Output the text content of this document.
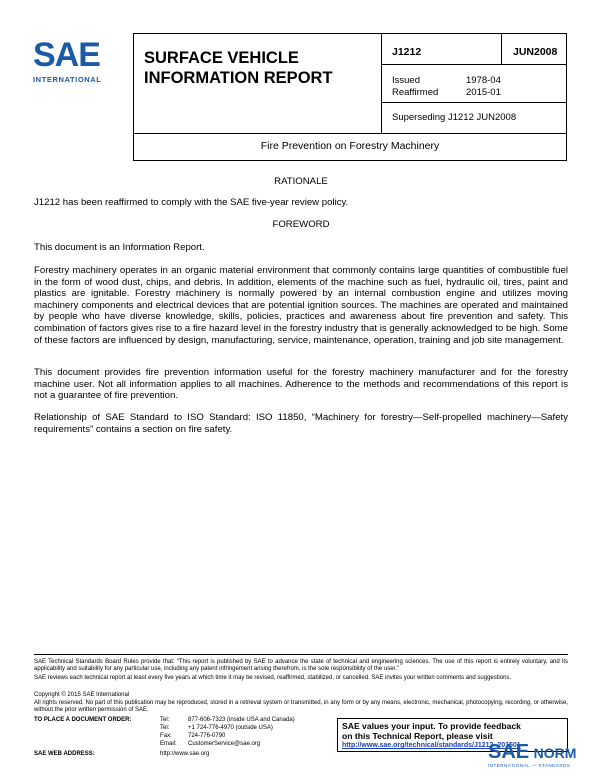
SAE
INTERNATIONAL
SURFACE VEHICLE
INFORMATION REPORT
J1212	JUN2008
Issued	1978-04
Reaffirmed	2015-01
Superseding J1212 JUN2008
Fire Prevention on Forestry Machinery
RATIONALE
J1212 has been reaffirmed to comply with the SAE five-year review policy.
FOREWORD
This document is an Information Report.
Forestry machinery operates in an organic material environment that commonly contains large quantities of combustible fuel in the form of wood dust, chips, and debris. In addition, elements of the machine such as fuel, hydraulic oil, tires, paint and plastics are ignitable. Forestry machinery is normally powered by an internal combustion engine and utilizes moving machinery components and electrical devices that are potential ignition sources. The machines are operated and maintained by people who have diverse knowledge, skills, policies, practices and awareness about fire prevention and safety. This combination of factors gives rise to a fire hazard level in the forestry industry that is generally acknowledged to be high. Some of these factors are influenced by design, manufacturing, service, maintenance, operation, training and job site management.
This document provides fire prevention information useful for the forestry machinery manufacturer and for the forestry machine user. Not all information applies to all machines. Adherence to the methods and recommendations of this report is not a guarantee of fire prevention.
Relationship of SAE Standard to ISO Standard: ISO 11850, “Machinery for forestry—Self-propelled machinery—Safety requirements” contains a section on fire safety.
SAE Technical Standards Board Rules provide that: “This report is published by SAE to advance the state of technical and engineering sciences. The use of this report is entirely voluntary, and its applicability and suitability for any particular use, including any patent infringement arising therefrom, is the sole responsibility of the user.”
SAE reviews each technical report at least every five years at which time it may be revised, reaffirmed, stabilized, or cancelled. SAE invites your written comments and suggestions.
Copyright © 2015 SAE International
All rights reserved. No part of this publication may be reproduced, stored in a retrieval system or transmitted, in any form or by any means, electronic, mechanical, photocopying, recording, or otherwise, without the prior written permission of SAE.
TO PLACE A DOCUMENT ORDER:	Tel:	877-606-7323 (inside USA and Canada)
Tel:	+1 724-776-4970 (outside USA)
Fax:	724-776-0790
Email: CustomerService@sae.org
SAE WEB ADDRESS:	http://www.sae.org
SAE values your input. To provide feedback
on this Technical Report, please visit
http://www.sae.org/technical/standards/J1212_201501
SAE NORM
INTERNATIONAL — STANDARDS
